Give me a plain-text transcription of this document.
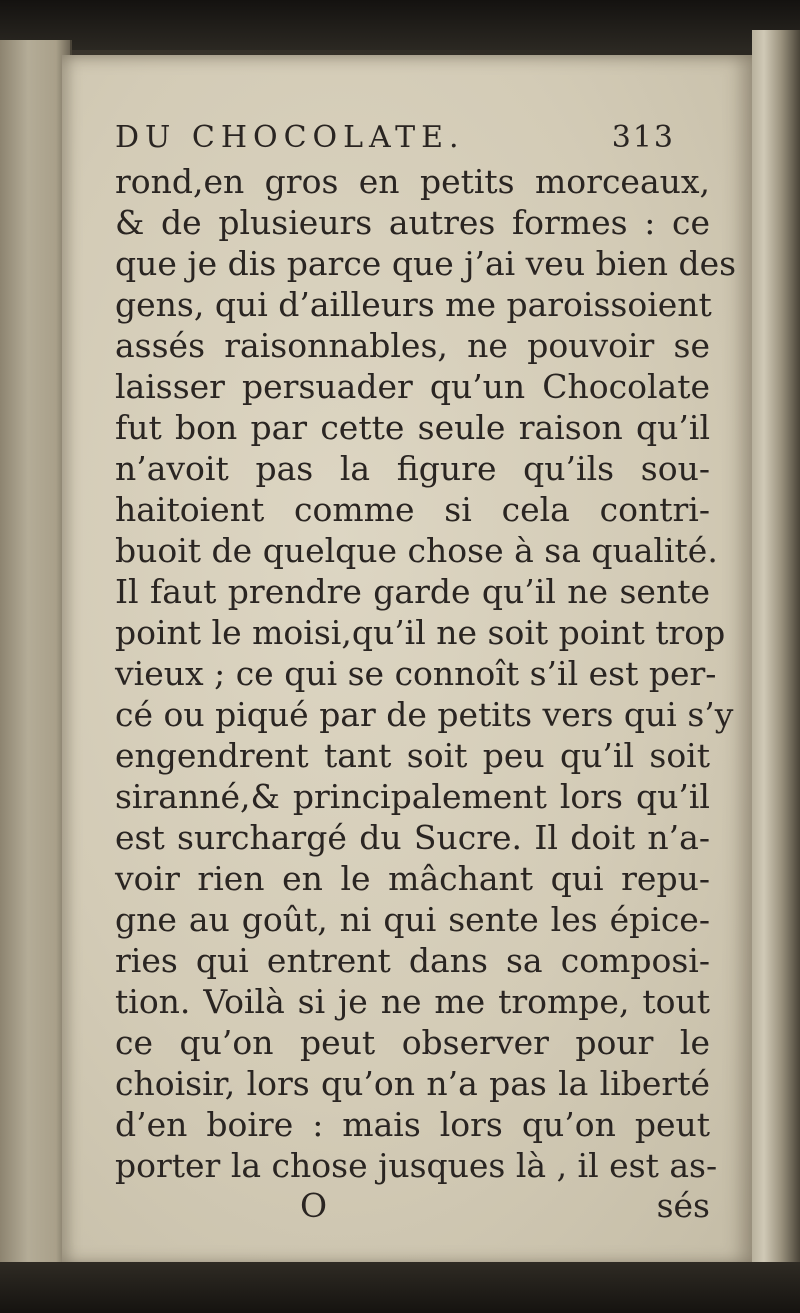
DU CHOCOLATE.	313
rond,en gros en petits morceaux,
& de plusieurs autres formes : ce
que je dis parce que j’ai veu bien des
gens, qui d’ailleurs me paroissoient
assés raisonnables, ne pouvoir se
laisser persuader qu’un Chocolate
fut bon par cette seule raison qu’il
n’avoit pas la figure qu’ils sou-
haitoient comme si cela contri-
buoit de quelque chose à sa qualité.
Il faut prendre garde qu’il ne sente
point le moisi,qu’il ne soit point trop
vieux ; ce qui se connoît s’il est per-
cé ou piqué par de petits vers qui s’y
engendrent tant soit peu qu’il soit
siranné,& principalement lors qu’il
est surchargé du Sucre. Il doit n’a-
voir rien en le mâchant qui repu-
gne au goût, ni qui sente les épice-
ries qui entrent dans sa composi-
tion. Voilà si je ne me trompe, tout
ce qu’on peut observer pour le
choisir, lors qu’on n’a pas la liberté
d’en boire : mais lors qu’on peut
porter la chose jusques là , il est as-
O	sés
